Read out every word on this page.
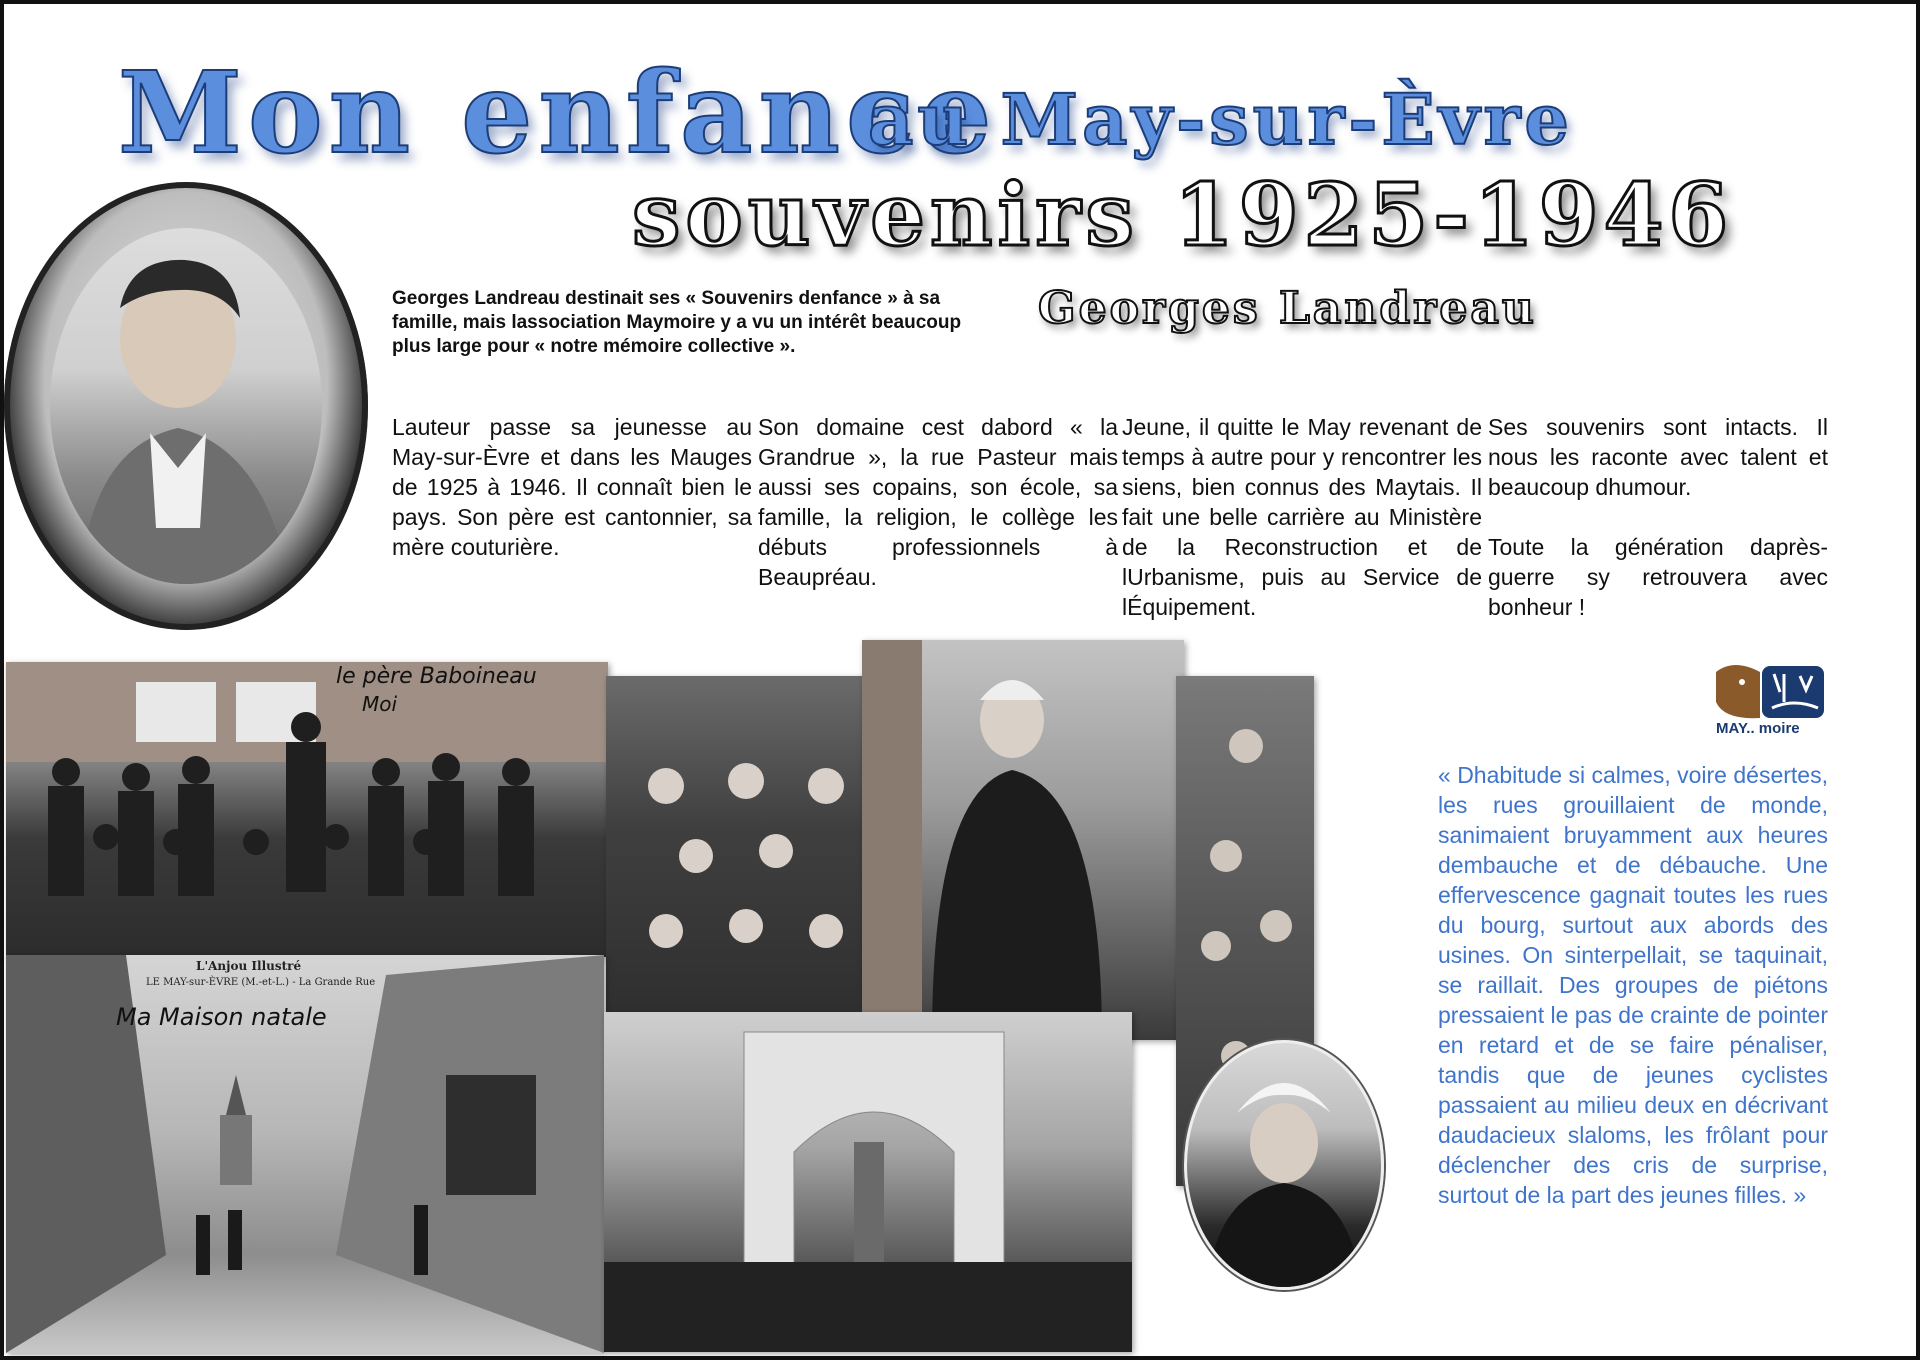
Mon enfance
au May-sur-Èvre
souvenirs 1925-1946
Georges Landreau
Georges Landreau destinait ses « Souvenirs denfance » à sa famille, mais lassociation Maymoire y a vu un intérêt beaucoup plus large pour « notre mémoire collective ».

Lauteur passe sa jeunesse au May-sur-Èvre et dans les Mauges de 1925 à 1946. Il connaît bien le pays. Son père est cantonnier, sa mère couturière.

Son domaine cest dabord « la Grandrue », la rue Pasteur mais aussi ses copains, son école, sa famille, la religion, le collège les débuts professionnels à Beaupréau.

Jeune, il quitte le May revenant de temps à autre pour y rencontrer les siens, bien connus des Maytais. Il fait une belle carrière au Ministère de la Reconstruction et de lUrbanisme, puis au Service de lÉquipement.

Ses souvenirs sont intacts. Il nous les raconte avec talent et beaucoup dhumour.

Toute la génération daprès-guerre sy retrouvera avec bonheur !

le père Baboineau
Moi
L'Anjou Illustré
LE MAY-sur-ÈVRE (M.-et-L.) - La Grande Rue
Ma Maison natale
MAY.. moire
« Dhabitude si calmes, voire désertes, les rues grouillaient de monde, sanimaient bruyamment aux heures dembauche et de débauche. Une effervescence gagnait toutes les rues du bourg, surtout aux abords des usines. On sinterpellait, se taquinait, se raillait. Des groupes de piétons pressaient le pas de crainte de pointer en retard et de se faire pénaliser, tandis que de jeunes cyclistes passaient au milieu deux en décrivant daudacieux slaloms, les frôlant pour déclencher des cris de surprise, surtout de la part des jeunes filles. »
